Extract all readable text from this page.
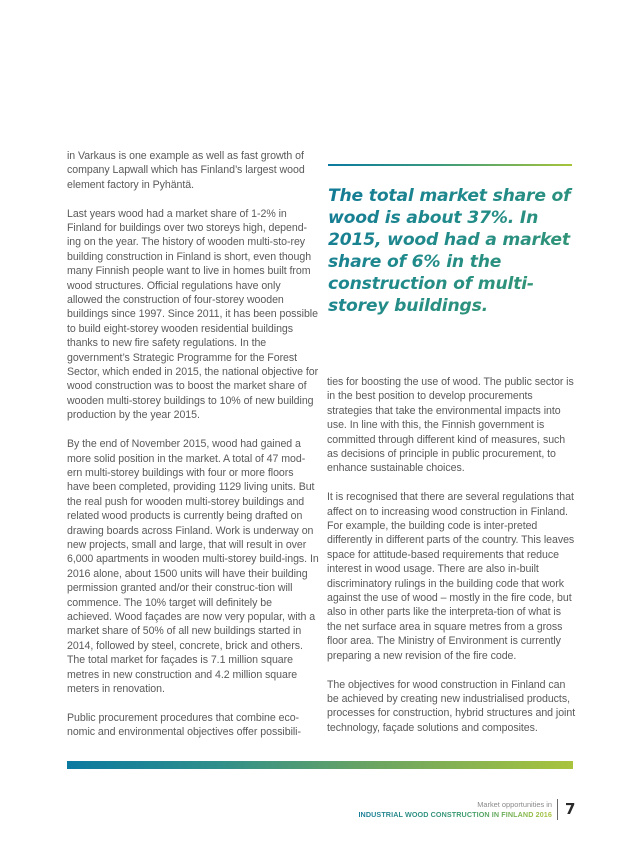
in Varkaus is one example as well as fast growth of company Lapwall which has Finland’s largest wood element factory in Pyhäntä.

Last years wood had a market share of 1-2% in Finland for buildings over two storeys high, depend-ing on the year. The history of wooden multi-sto-rey building construction in Finland is short, even though many Finnish people want to live in homes built from wood structures. Official regulations have only allowed the construction of four-storey wooden buildings since 1997. Since 2011, it has been possible to build eight-storey wooden residential buildings thanks to new fire safety regulations. In the government’s Strategic Programme for the Forest Sector, which ended in 2015, the national objective for wood construction was to boost the market share of wooden multi-storey buildings to 10% of new building production by the year 2015.

By the end of November 2015, wood had gained a more solid position in the market. A total of 47 mod-ern multi-storey buildings with four or more floors have been completed, providing 1129 living units. But the real push for wooden multi-storey buildings and related wood products is currently being drafted on drawing boards across Finland. Work is underway on new projects, small and large, that will result in over 6,000 apartments in wooden multi-storey build-ings. In 2016 alone, about 1500 units will have their building permission granted and/or their construc-tion will commence. The 10% target will definitely be achieved. Wood façades are now very popular, with a market share of 50% of all new buildings started in 2014, followed by steel, concrete, brick and others. The total market for façades is 7.1 million square metres in new construction and 4.2 million square meters in renovation.

Public procurement procedures that combine eco-nomic and environmental objectives offer possibili-

The total market share of wood is about 37%. In 2015, wood had a market share of 6% in the construction of multi-storey buildings.

ties for boosting the use of wood. The public sector is in the best position to develop procurements strategies that take the environmental impacts into use. In line with this, the Finnish government is committed through different kind of measures, such as decisions of principle in public procurement, to enhance sustainable choices.

It is recognised that there are several regulations that affect on to increasing wood construction in Finland. For example, the building code is inter-preted differently in different parts of the country. This leaves space for attitude-based requirements that reduce interest in wood usage. There are also in-built discriminatory rulings in the building code that work against the use of wood – mostly in the fire code, but also in other parts like the interpreta-tion of what is the net surface area in square metres from a gross floor area. The Ministry of Environment is currently preparing a new revision of the fire code.

The objectives for wood construction in Finland can be achieved by creating new industrialised products, processes for construction, hybrid structures and joint technology, façade solutions and composites.

Market opportunities in
INDUSTRIAL WOOD CONSTRUCTION IN FINLAND 2016 7
